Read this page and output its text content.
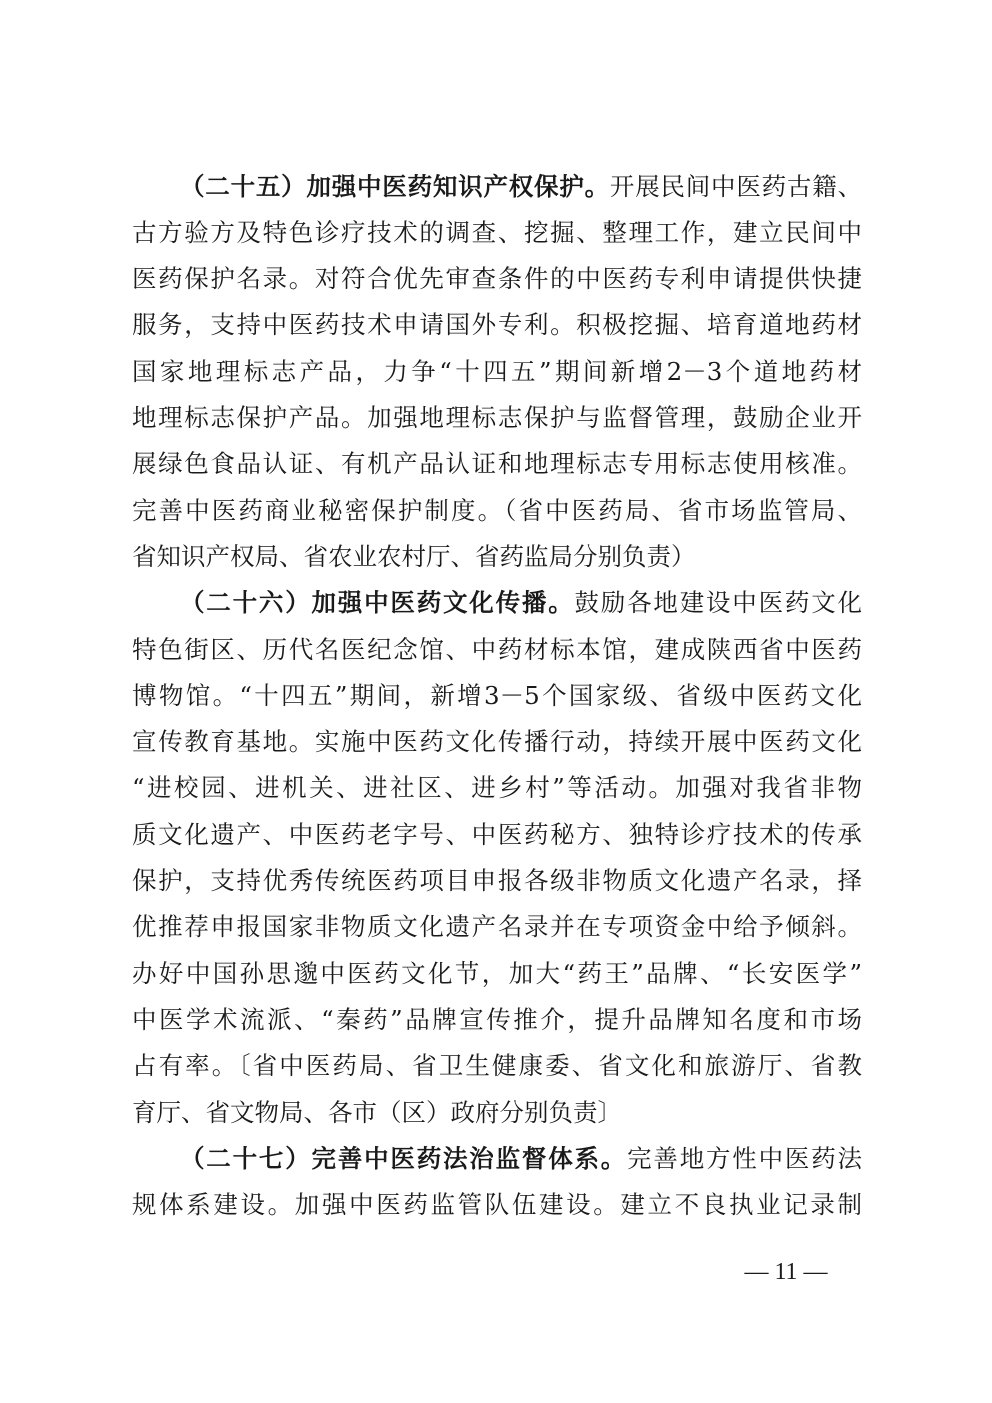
（二十五）加强中医药知识产权保护。开展民间中医药古籍、
古方验方及特色诊疗技术的调查、挖掘、整理工作，建立民间中
医药保护名录。对符合优先审查条件的中医药专利申请提供快捷
服务，支持中医药技术申请国外专利。积极挖掘、培育道地药材
国家地理标志产品，力争“十四五”期间新增2－3个道地药材
地理标志保护产品。加强地理标志保护与监督管理，鼓励企业开
展绿色食品认证、有机产品认证和地理标志专用标志使用核准。
完善中医药商业秘密保护制度。（省中医药局、省市场监管局、
省知识产权局、省农业农村厅、省药监局分别负责）
（二十六）加强中医药文化传播。鼓励各地建设中医药文化
特色街区、历代名医纪念馆、中药材标本馆，建成陕西省中医药
博物馆。“十四五”期间，新增3－5个国家级、省级中医药文化
宣传教育基地。实施中医药文化传播行动，持续开展中医药文化
“进校园、进机关、进社区、进乡村”等活动。加强对我省非物
质文化遗产、中医药老字号、中医药秘方、独特诊疗技术的传承
保护，支持优秀传统医药项目申报各级非物质文化遗产名录，择
优推荐申报国家非物质文化遗产名录并在专项资金中给予倾斜。
办好中国孙思邈中医药文化节，加大“药王”品牌、“长安医学”
中医学术流派、“秦药”品牌宣传推介，提升品牌知名度和市场
占有率。〔省中医药局、省卫生健康委、省文化和旅游厅、省教
育厅、省文物局、各市（区）政府分别负责〕
（二十七）完善中医药法治监督体系。完善地方性中医药法
规体系建设。加强中医药监管队伍建设。建立不良执业记录制
— 11 —
